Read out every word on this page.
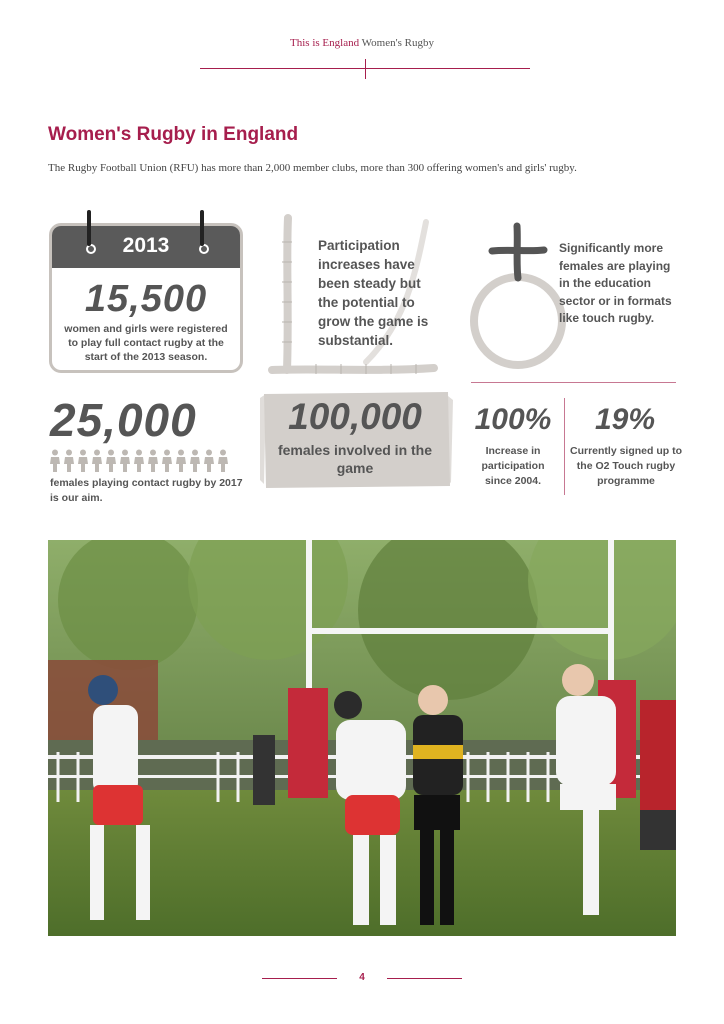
This is England Women's Rugby
Women's Rugby in England
The Rugby Football Union (RFU) has more than 2,000 member clubs, more than 300 offering women's and girls' rugby.
2013
15,500
women and girls were registered to play full contact rugby at the start of the 2013 season.
Participation increases have been steady but the potential to grow the game is substantial.
Significantly more females are playing in the education sector or in formats like touch rugby.
25,000
females playing contact rugby by 2017 is our aim.
100,000
females involved in the game
100%
Increase in participation since 2004.
19%
Currently signed up to the O2 Touch rugby programme
4
